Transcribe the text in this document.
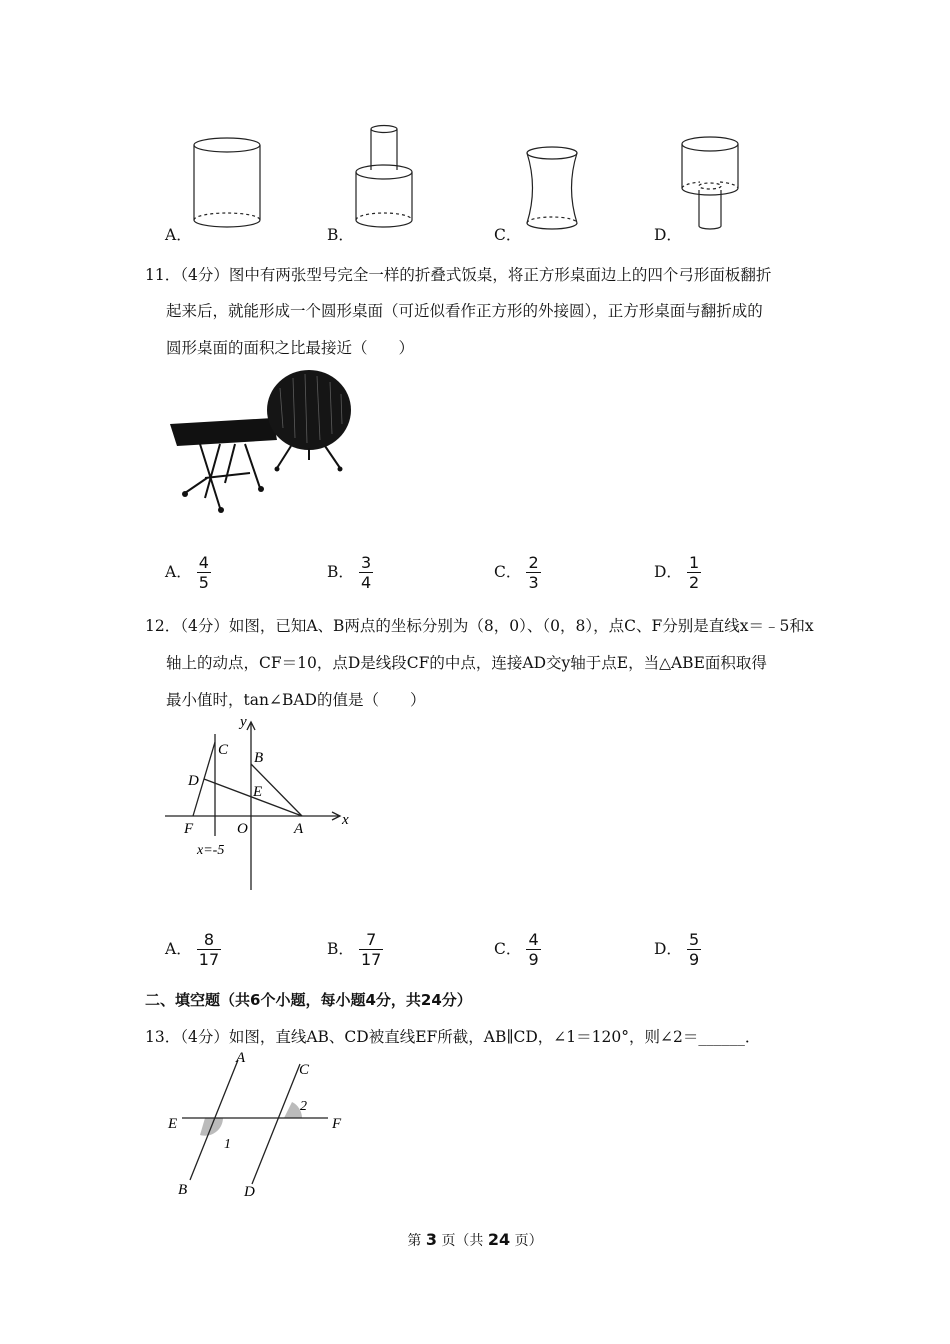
A．	B．	C．	D．
11．（4分）图中有两张型号完全一样的折叠式饭桌，将正方形桌面边上的四个弓形面板翻折
起来后，就能形成一个圆形桌面（可近似看作正方形的外接圆），正方形桌面与翻折成的
圆形桌面的面积之比最接近（　　）
A． $\frac{4}{5}$	B． $\frac{3}{4}$	C． $\frac{2}{3}$	D． $\frac{1}{2}$
12．（4分）如图，已知A、B两点的坐标分别为（8，0）、（0，8），点C、F分别是直线x＝﹣5和x
轴上的动点，CF＝10，点D是线段CF的中点，连接AD交y轴于点E，当△ABE面积取得
最小值时，tan∠BAD的值是（　　）
y
x
C B
D
E
F	O	A
x=-5
A． $\frac{8}{17}$	B． $\frac{7}{17}$	C． $\frac{4}{9}$	D． $\frac{5}{9}$
二、填空题（共6个小题，每小题4分，共24分）
13．（4分）如图，直线AB、CD被直线EF所截，AB∥CD，∠1＝120°，则∠2＝______．
A
C
E	F
B	D
1
2
第 3 页（共 24 页）
